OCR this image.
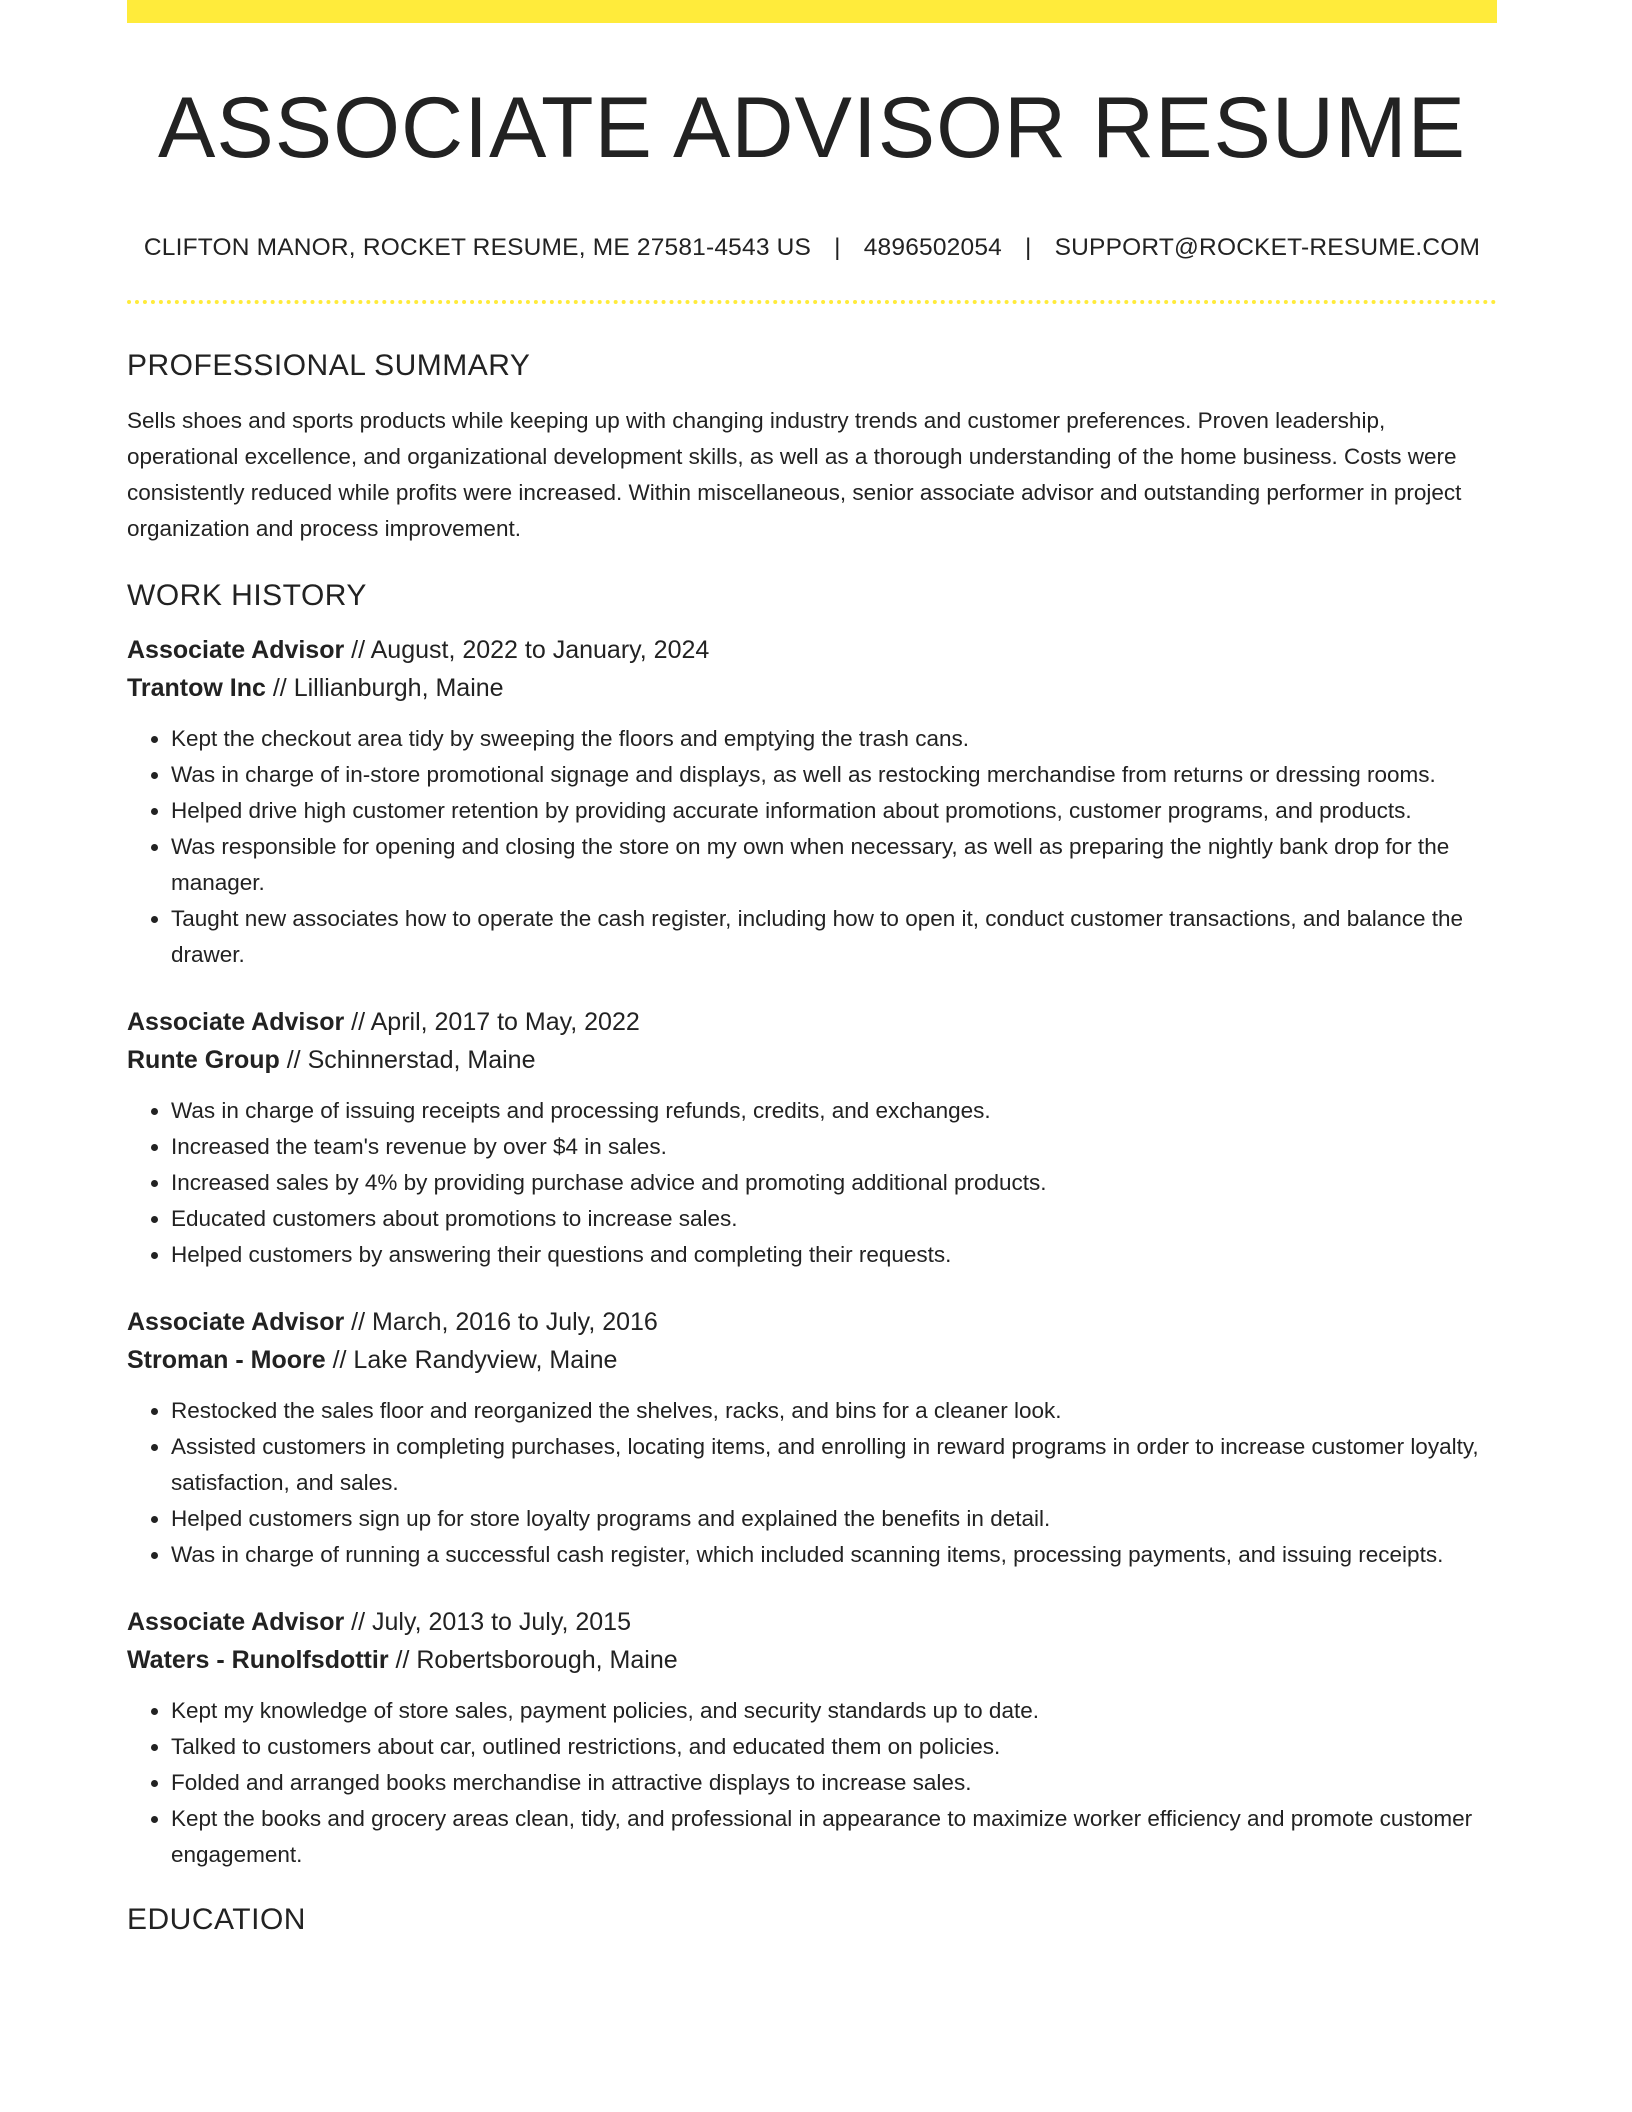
ASSOCIATE ADVISOR RESUME
CLIFTON MANOR, ROCKET RESUME, ME 27581-4543 US | 4896502054 | SUPPORT@ROCKET-RESUME.COM
PROFESSIONAL SUMMARY

Sells shoes and sports products while keeping up with changing industry trends and customer preferences. Proven leadership, operational excellence, and organizational development skills, as well as a thorough understanding of the home business. Costs were consistently reduced while profits were increased. Within miscellaneous, senior associate advisor and outstanding performer in project organization and process improvement.

WORK HISTORY
Associate Advisor // August, 2022 to January, 2024
Trantow Inc // Lillianburgh, Maine
• Kept the checkout area tidy by sweeping the floors and emptying the trash cans.
• Was in charge of in-store promotional signage and displays, as well as restocking merchandise from returns or dressing rooms.
• Helped drive high customer retention by providing accurate information about promotions, customer programs, and products.
• Was responsible for opening and closing the store on my own when necessary, as well as preparing the nightly bank drop for the manager.
• Taught new associates how to operate the cash register, including how to open it, conduct customer transactions, and balance the drawer.
Associate Advisor // April, 2017 to May, 2022
Runte Group // Schinnerstad, Maine
• Was in charge of issuing receipts and processing refunds, credits, and exchanges.
• Increased the team's revenue by over $4 in sales.
• Increased sales by 4% by providing purchase advice and promoting additional products.
• Educated customers about promotions to increase sales.
• Helped customers by answering their questions and completing their requests.
Associate Advisor // March, 2016 to July, 2016
Stroman - Moore // Lake Randyview, Maine
• Restocked the sales floor and reorganized the shelves, racks, and bins for a cleaner look.
• Assisted customers in completing purchases, locating items, and enrolling in reward programs in order to increase customer loyalty, satisfaction, and sales.
• Helped customers sign up for store loyalty programs and explained the benefits in detail.
• Was in charge of running a successful cash register, which included scanning items, processing payments, and issuing receipts.
Associate Advisor // July, 2013 to July, 2015
Waters - Runolfsdottir // Robertsborough, Maine
• Kept my knowledge of store sales, payment policies, and security standards up to date.
• Talked to customers about car, outlined restrictions, and educated them on policies.
• Folded and arranged books merchandise in attractive displays to increase sales.
• Kept the books and grocery areas clean, tidy, and professional in appearance to maximize worker efficiency and promote customer engagement.
EDUCATION
